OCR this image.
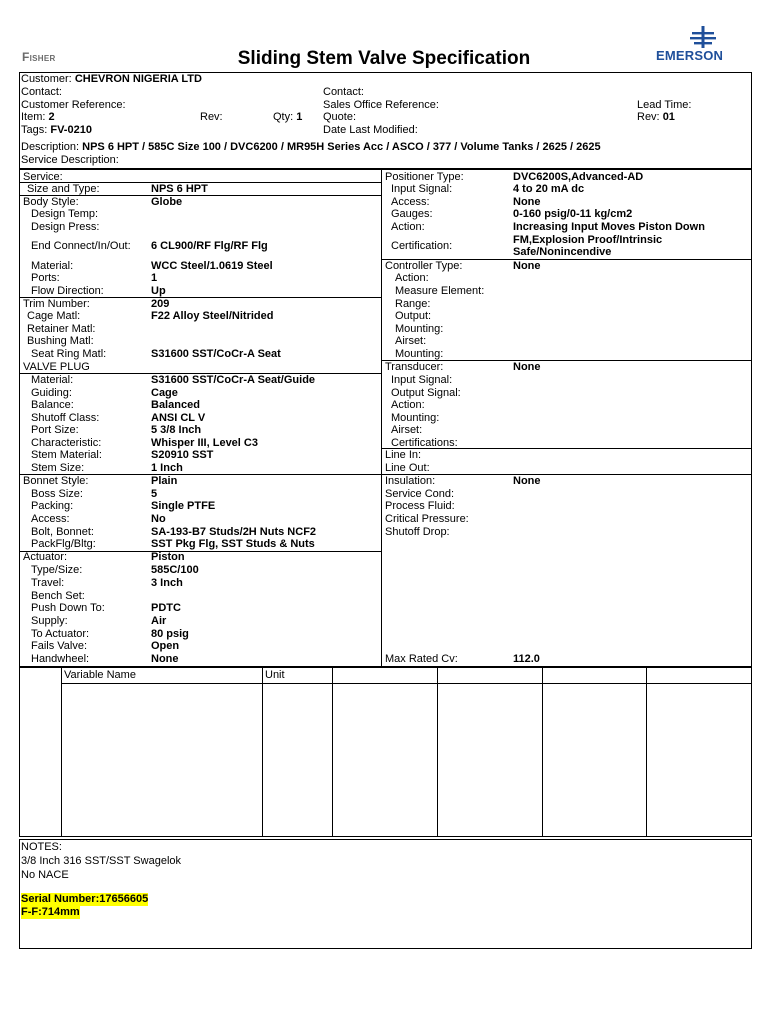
Fisher	Sliding Stem Valve Specification	EMERSON
Customer: CHEVRON NIGERIA LTD
Contact:	Contact:
Customer Reference:	Sales Office Reference:	Lead Time:
Item: 2	Rev:	Qty: 1 Quote:	Rev: 01
Tags: FV-0210	Date Last Modified:
Description: NPS 6 HPT / 585C Size 100 / DVC6200 / MR95H Series Acc / ASCO / 377 / Volume Tanks / 2625 / 2625
Service Description:
Service:
Size and Type:	NPS 6 HPT
Body Style:	Globe
Design Temp:
Design Press:
End Connect/In/Out: 6 CL900/RF Flg/RF Flg
Material:	WCC Steel/1.0619 Steel
Ports:	1
Flow Direction:	Up
Trim Number:	209
Cage Matl:	F22 Alloy Steel/Nitrided
Retainer Matl:
Bushing Matl:
Seat Ring Matl:	S31600 SST/CoCr-A Seat
VALVE PLUG
Material:	S31600 SST/CoCr-A Seat/Guide
Guiding:	Cage
Balance:	Balanced
Shutoff Class:	ANSI CL V
Port Size:	5 3/8 Inch
Characteristic:	Whisper III, Level C3
Stem Material:	S20910 SST
Stem Size:	1 Inch
Bonnet Style:	Plain
Boss Size:	5
Packing:	Single PTFE
Access:	No
Bolt, Bonnet:	SA-193-B7 Studs/2H Nuts NCF2
PackFlg/Bltg:	SST Pkg Flg, SST Studs & Nuts
Actuator:	Piston
Type/Size:	585C/100
Travel:	3 Inch
Bench Set:
Push Down To:	PDTC
Supply:	Air
To Actuator:	80 psig
Fails Valve:	Open
Handwheel:	None
Positioner Type:	DVC6200S,Advanced-AD
Input Signal:	4 to 20 mA dc
Access:	None
Gauges:	0-160 psig/0-11 kg/cm2
Action:	Increasing Input Moves Piston Down
Certification:	FM,Explosion Proof/Intrinsic
Safe/Nonincendive
Controller Type:	None
Action:
Measure Element:
Range:
Output:
Mounting:
Airset:
Mounting:
Transducer:	None
Input Signal:
Output Signal:
Action:
Mounting:
Airset:
Certifications:
Line In:
Line Out:
Insulation:	None
Service Cond:
Process Fluid:
Critical Pressure:
Shutoff Drop:
Max Rated Cv:	112.0
Variable Name	Unit
NOTES:
3/8 Inch 316 SST/SST Swagelok
No NACE
Serial Number:17656605
F-F:714mm
